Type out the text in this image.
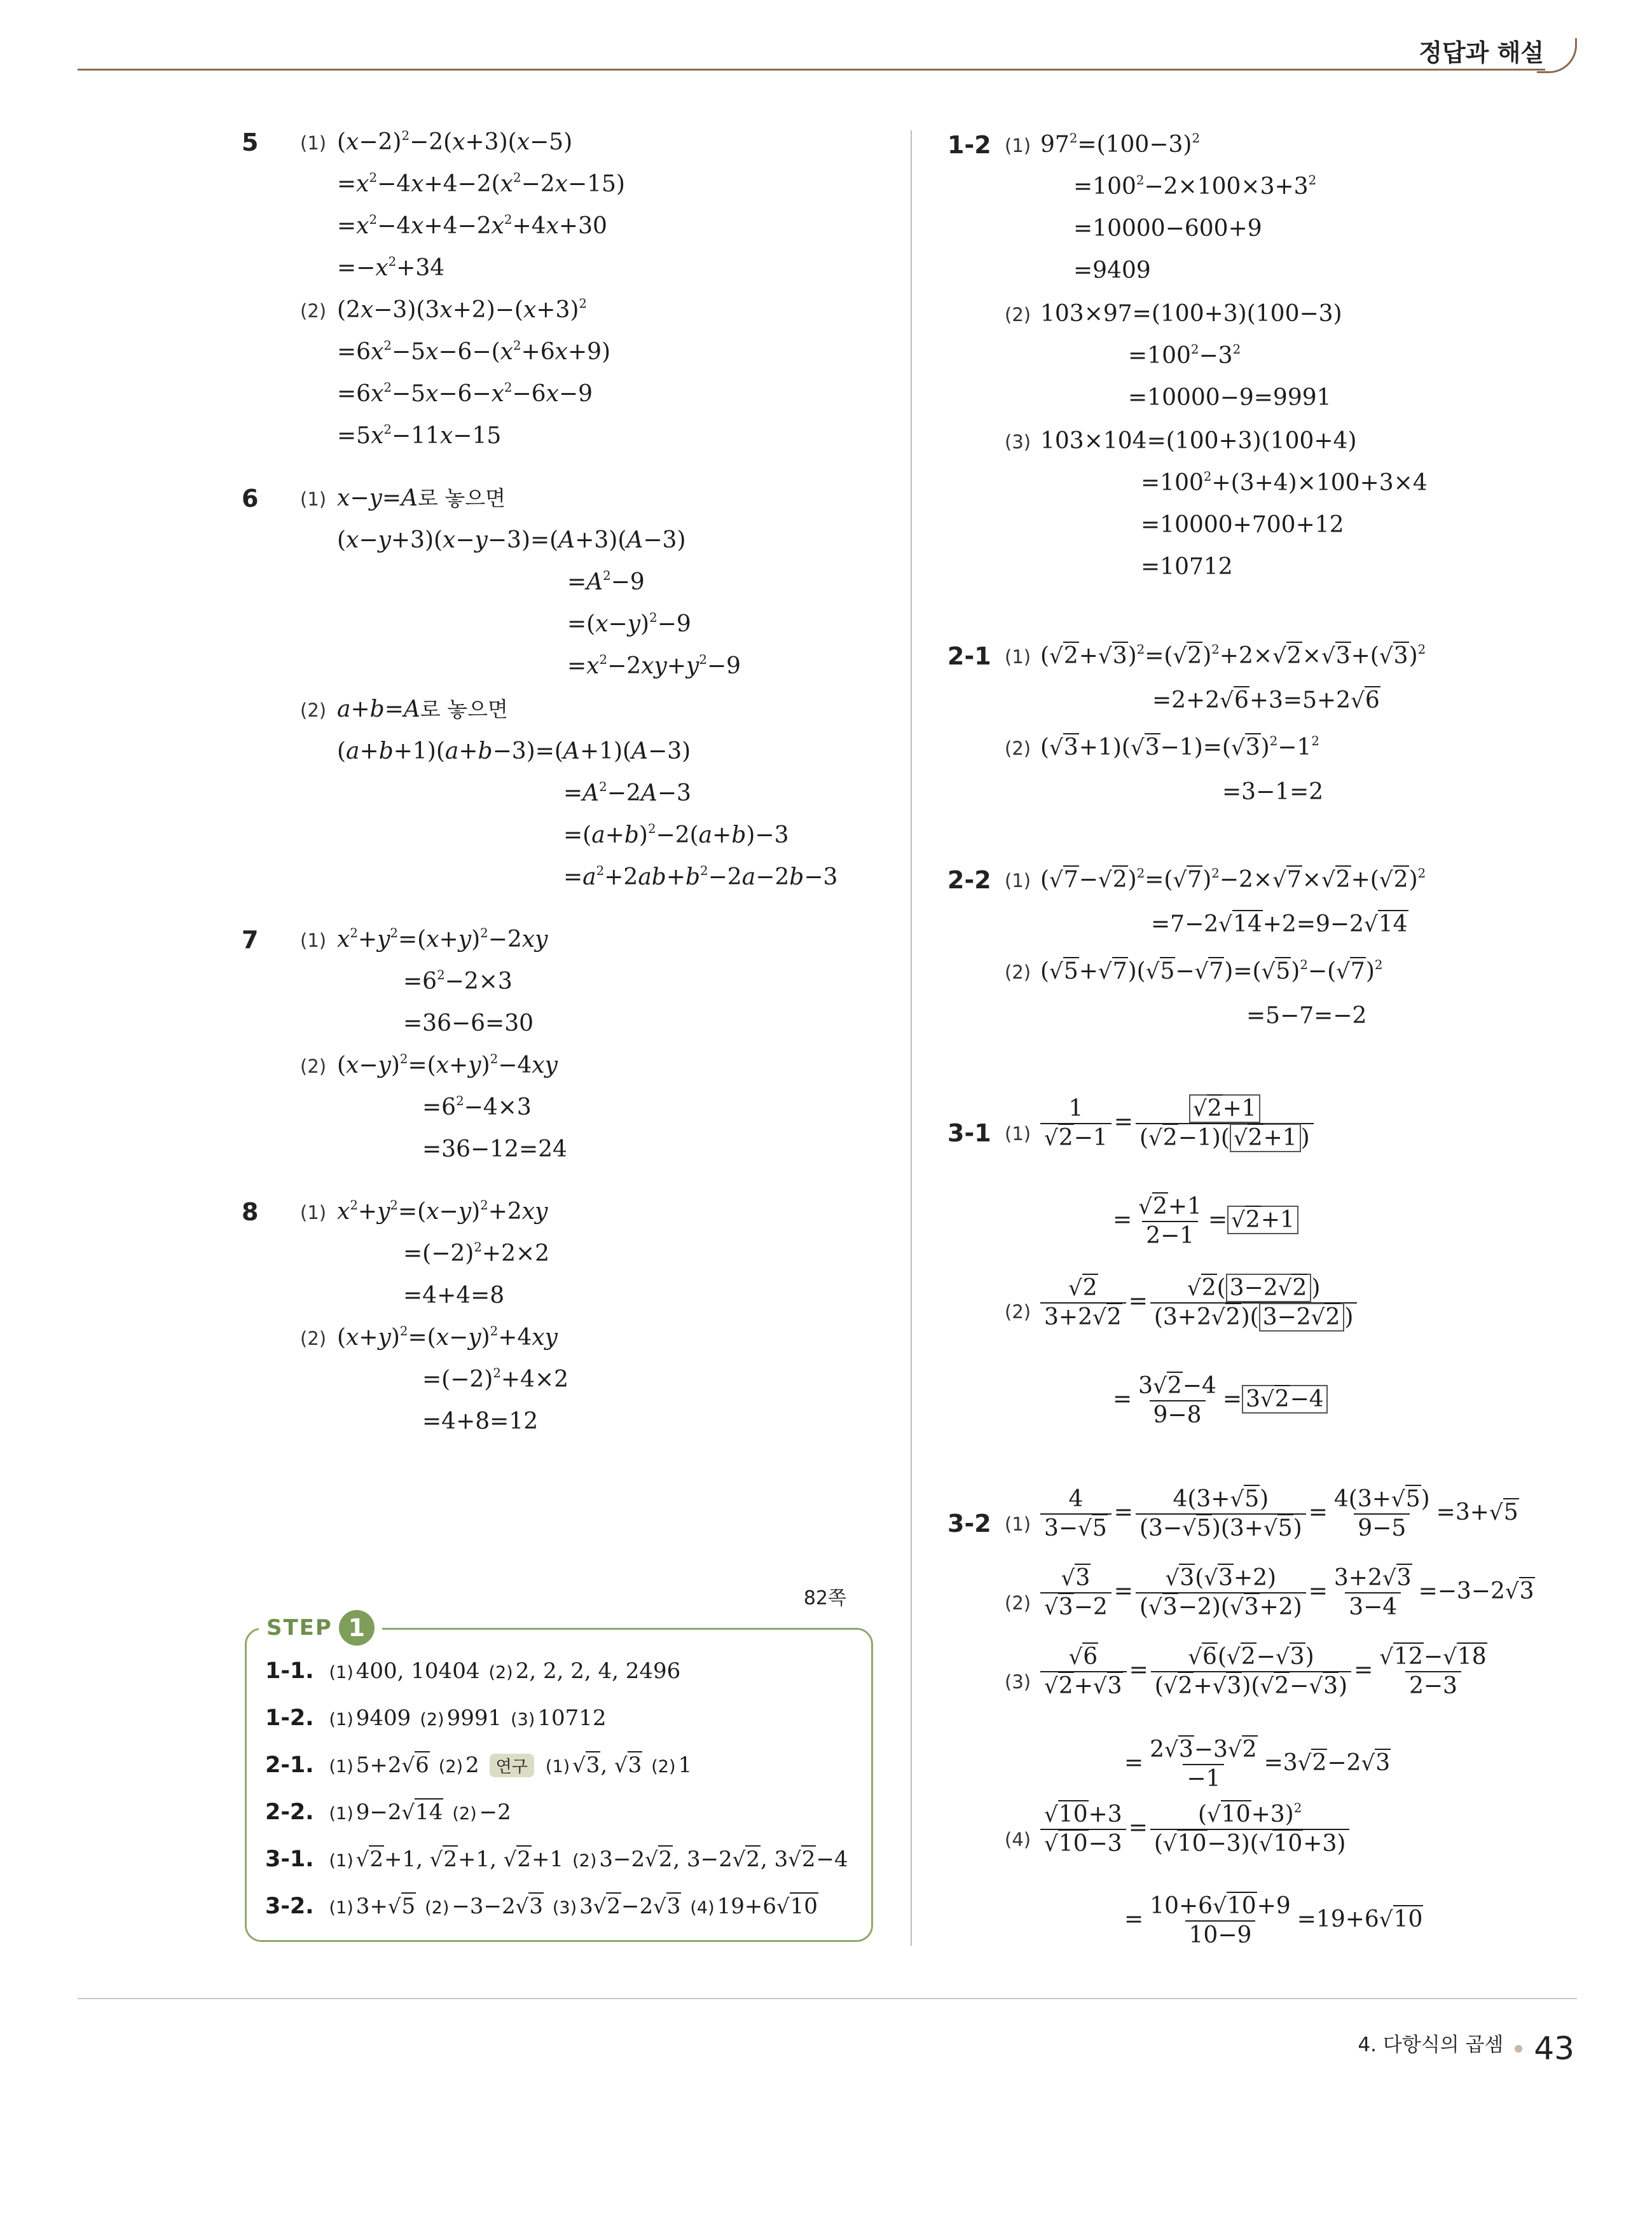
정답과 해설
5 (1) $(x-2)^2-2(x+3)(x-5)$
$=x^2-4x+4-2(x^2-2x-15)$
$=x^2-4x+4-2x^2+4x+30$
$=-x^2+34$
(2) $(2x-3)(3x+2)-(x+3)^2$
$=6x^2-5x-6-(x^2+6x+9)$
$=6x^2-5x-6-x^2-6x-9$
$=5x^2-11x-15$
6 (1) x−y=A로 놓으면
(x−y+3)(x−y−3)=(A+3)(A−3)
$=A^2-9$
$=(x-y)^2-9$
$=x^2-2xy+y^2-9$
(2) a+b=A로 놓으면
(a+b+1)(a+b−3)=(A+1)(A−3)
$=A^2-2A-3$
$=(a+b)^2-2(a+b)-3$
$=a^2+2ab+b^2-2a-2b-3$
7 (1) $x^2+y^2=(x+y)^2-2xy$
$=6^2-2\times 3$
=36−6=30
(2) $(x-y)^2=(x+y)^2-4xy$
$=6^2-4\times 3$
=36−12=24
8 (1) $x^2+y^2=(x-y)^2+2xy$
$=(-2)^2+2\times 2$
=4+4=8
(2) $(x+y)^2=(x-y)^2+4xy$
$=(-2)^2+4\times 2$
=4+8=12
82쪽
STEP 1
1-1. (1) 400, 10404 (2) 2, 2, 2, 4, 2496
1-2. (1) 9409 (2) 9991 (3) 10712
2-1. (1) 5+2√6 (2) 2 연구 (1) √3, √3 (2) 1
2-2. (1) 9−2√14 (2) −2
3-1. (1) √2+1, √2+1, √2+1 (2) 3−2√2, 3−2√2, 3√2−4
3-2. (1) 3+√5 (2) −3−2√3 (3) 3√2−2√3 (4) 19+6√10
1-2 (1) $97^2=(100-3)^2$
$=100^2-2\times 100\times 3+3^2$
=10000−600+9
=9409
(2) 103×97=(100+3)(100−3)
$=100^2-3^2$
=10000−9=9991
(3) 103×104=(100+3)(100+4)
$=100^2+(3+4)\times 100+3\times 4$
=10000+700+12
=10712
2-1 (1) $(√2+√3)^2=(√2)^2+2\times√2\times√3+(√3)^2$
=2+2√6+3=5+2√6
(2) $(√3+1)(√3-1)=(√3)^2-1^2$
=3−1=2
2-2 (1) $(√7-√2)^2=(√7)^2-2\times√7\times√2+(√2)^2$
=7−2√14+2=9−2√14
(2) $(√5+√7)(√5-√7)=(√5)^2-(√7)^2$
=5−7=−2
3-1 $(1) \frac{1}{√2-1} = \frac{√2+1}{(√2-1)( √2+1 )}$
= $\frac{√2+1}{2-1} = √2+1$
$(2) \frac{√2}{3+2√2} = \frac{√2( 3-2√2 )}{(3+2√2)( 3-2√2 )}$
= $\frac{3√2-4}{9-8} = 3√2-4$
3-2 $(1) \frac{4}{3-√5} = \frac{4(3+√5)}{(3-√5)(3+√5)} = \frac{4(3+√5)}{9-5} =3+√5$
$(2) \frac{√3}{√3-2} = \frac{√3(√3+2)}{(√3-2)(√3+2)} = \frac{3+2√3}{3-4} =-3-2√3$
$(3) \frac{√6}{√2+√3} = \frac{√6(√2-√3)}{(√2+√3)(√2-√3)} = \frac{√12-√18}{2-3}$
= $\frac{2√3-3√2}{-1} =3√2-2√3$
$(4) \frac{√10+3}{√10-3} = \frac{(√10+3)^2}{(√10-3)(√10+3)}$
= $\frac{10+6√10+9}{10-9} =19+6√10$
4. 다항식의 곱셈 43
